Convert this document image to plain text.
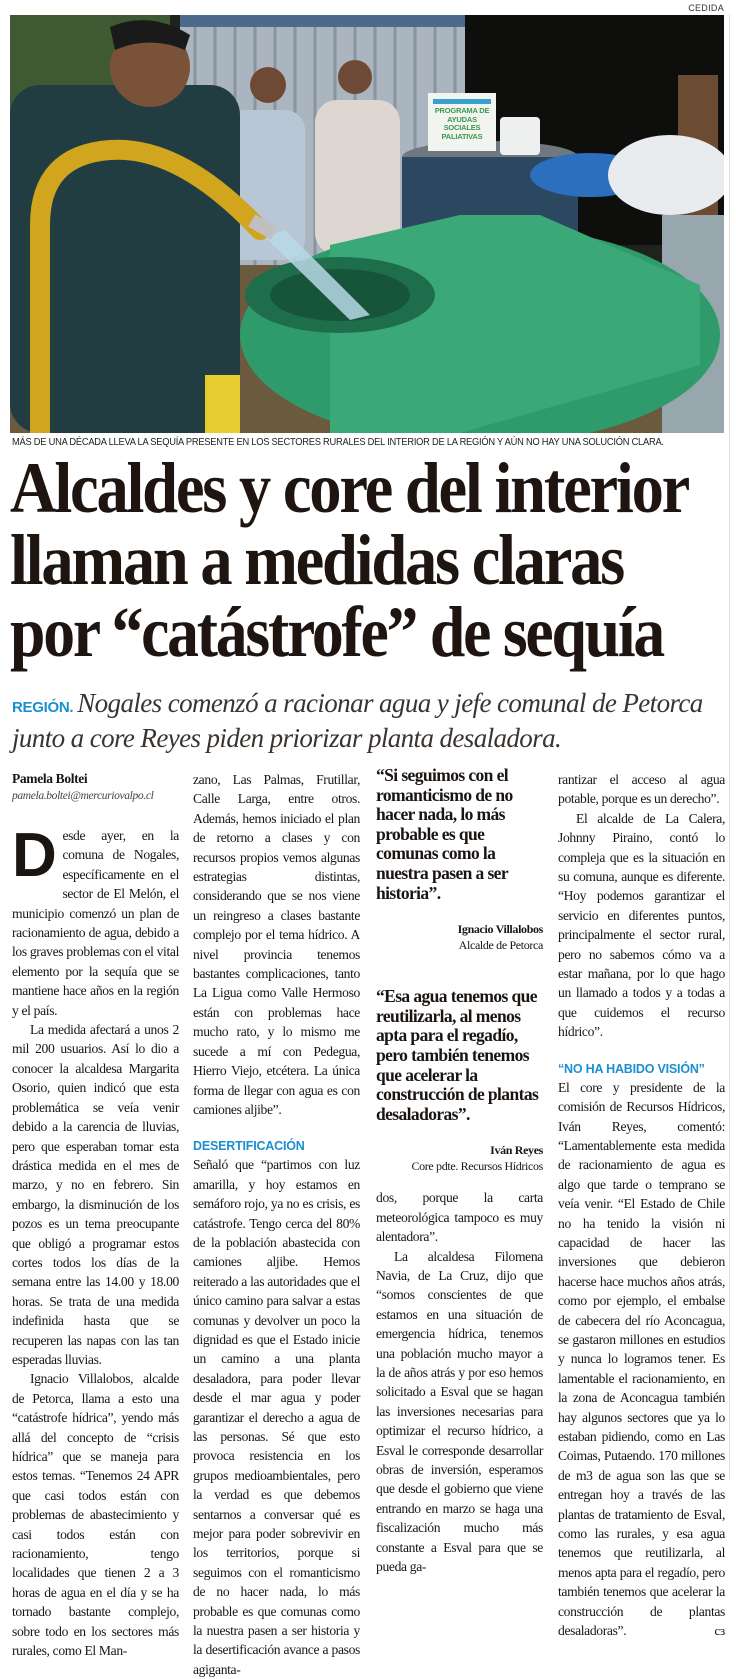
CEDIDA
PROGRAMA DE AYUDAS SOCIALES PALIATIVAS
MÁS DE UNA DÉCADA LLEVA LA SEQUÍA PRESENTE EN LOS SECTORES RURALES DEL INTERIOR DE LA REGIÓN Y AÚN NO HAY UNA SOLUCIÓN CLARA.
Alcaldes y core del interior
llaman a medidas claras
por “catástrofe” de sequía
REGIÓN. Nogales comenzó a racionar agua y jefe comunal de Petorca junto a core Reyes piden priorizar planta desaladora.
Pamela Boltei
pamela.boltei@mercuriovalpo.cl

Desde ayer, en la comuna de Nogales, específicamente en el sector de El Melón, el municipio comenzó un plan de racionamiento de agua, debido a los graves problemas con el vital elemento por la sequía que se mantiene hace años en la región y el país.

La medida afectará a unos 2 mil 200 usuarios. Así lo dio a conocer la alcaldesa Margarita Osorio, quien indicó que esta problemática se veía venir debido a la carencia de lluvias, pero que esperaban tomar esta drástica medida en el mes de marzo, y no en febrero. Sin embargo, la disminución de los pozos es un tema preocupante que obligó a programar estos cortes todos los días de la semana entre las 14.00 y 18.00 horas. Se trata de una medida indefinida hasta que se recuperen las napas con las tan esperadas lluvias.

Ignacio Villalobos, alcalde de Petorca, llama a esto una “catástrofe hídrica”, yendo más allá del concepto de “crisis hídrica” que se maneja para estos temas. “Tenemos 24 APR que casi todos están con problemas de abastecimiento y casi todos están con racionamiento, tengo localidades que tienen 2 a 3 horas de agua en el día y se ha tornado bastante complejo, sobre todo en los sectores más rurales, como El Man-

zano, Las Palmas, Frutillar, Calle Larga, entre otros. Además, hemos iniciado el plan de retorno a clases y con recursos propios vemos algunas estrategias distintas, considerando que se nos viene un reingreso a clases bastante complejo por el tema hídrico. A nivel provincia tenemos bastantes complicaciones, tanto La Ligua como Valle Hermoso están con problemas hace mucho rato, y lo mismo me sucede a mí con Pedegua, Hierro Viejo, etcétera. La única forma de llegar con agua es con camiones aljibe”.

DESERTIFICACIÓN

Señaló que “partimos con luz amarilla, y hoy estamos en semáforo rojo, ya no es crisis, es catástrofe. Tengo cerca del 80% de la población abastecida con camiones aljibe. Hemos reiterado a las autoridades que el único camino para salvar a estas comunas y devolver un poco la dignidad es que el Estado inicie un camino a una planta desaladora, para poder llevar desde el mar agua y poder garantizar el derecho a agua de las personas. Sé que esto provoca resistencia en los grupos medioambientales, pero la verdad es que debemos sentarnos a conversar qué es mejor para poder sobrevivir en los territorios, porque si seguimos con el romanticismo de no hacer nada, lo más probable es que comunas como la nuestra pasen a ser historia y la desertificación avance a pasos agiganta-

“Si seguimos con el romanticismo de no hacer nada, lo más probable es que comunas como la nuestra pasen a ser historia”.
Ignacio Villalobos
Alcalde de Petorca
“Esa agua tenemos que reutilizarla, al menos apta para el regadío, pero también tenemos que acelerar la construcción de plantas desaladoras”.
Iván Reyes
Core pdte. Recursos Hídricos

dos, porque la carta meteorológica tampoco es muy alentadora”.

La alcaldesa Filomena Navia, de La Cruz, dijo que “somos conscientes de que estamos en una situación de emergencia hídrica, tenemos una población mucho mayor a la de años atrás y por eso hemos solicitado a Esval que se hagan las inversiones necesarias para optimizar el recurso hídrico, a Esval le corresponde desarrollar obras de inversión, esperamos que desde el gobierno que viene entrando en marzo se haga una fiscalización mucho más constante a Esval para que se pueda ga-

rantizar el acceso al agua potable, porque es un derecho”.

El alcalde de La Calera, Johnny Piraino, contó lo compleja que es la situación en su comuna, aunque es diferente. “Hoy podemos garantizar el servicio en diferentes puntos, principalmente el sector rural, pero no sabemos cómo va a estar mañana, por lo que hago un llamado a todos y a todas a que cuidemos el recurso hídrico”.

“NO HA HABIDO VISIÓN”

El core y presidente de la comisión de Recursos Hídricos, Iván Reyes, comentó: “Lamentablemente esta medida de racionamiento de agua es algo que tarde o temprano se veía venir. “El Estado de Chile no ha tenido la visión ni capacidad de hacer las inversiones que debieron hacerse hace muchos años atrás, como por ejemplo, el embalse de cabecera del río Aconcagua, se gastaron millones en estudios y nunca lo logramos tener. Es lamentable el racionamiento, en la zona de Aconcagua también hay algunos sectores que ya lo estaban pidiendo, como en Las Coimas, Putaendo. 170 millones de m3 de agua son las que se entregan hoy a través de las plantas de tratamiento de Esval, como las rurales, y esa agua tenemos que reutilizarla, al menos apta para el regadío, pero también tenemos que acelerar la construcción de plantas desaladoras”.	cɜ
